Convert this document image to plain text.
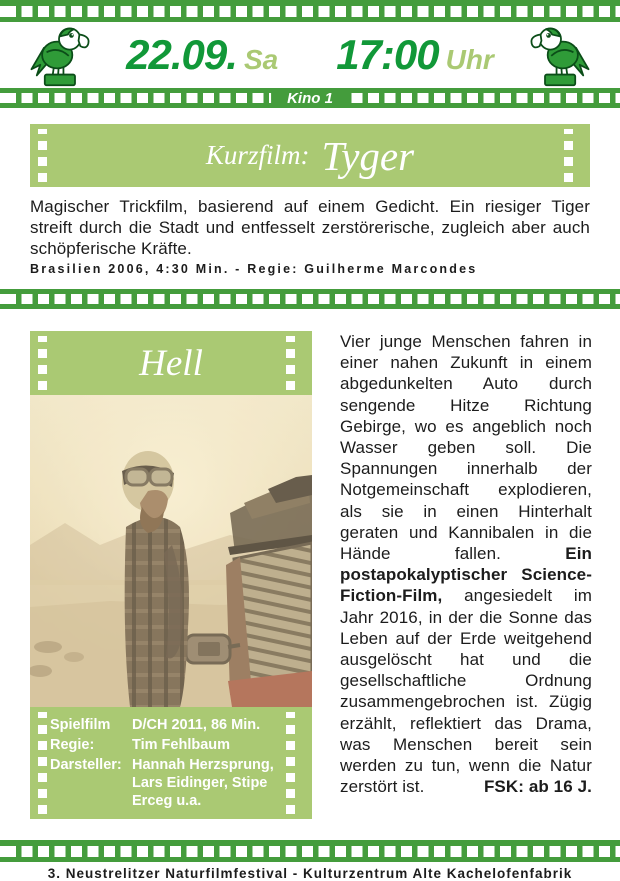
22.09. Sa 17:00 Uhr
Kino 1
Kurzfilm: Tyger

Magischer Trickfilm, basierend auf einem Gedicht. Ein riesiger Tiger streift durch die Stadt und entfesselt zerstörerische, zugleich aber auch schöpferische Kräfte.

Brasilien 2006, 4:30 Min. - Regie: Guilherme Marcondes

Hell
Spielfilm	D/CH 2011, 86 Min.
Regie:	Tim Fehlbaum
Darsteller: Hannah Herzsprung, Lars Eidinger, Stipe Erceg u.a.

Vier junge Menschen fahren in einer nahen Zukunft in einem abgedunkelten Auto durch sengende Hitze Richtung Gebirge, wo es angeblich noch Wasser geben soll. Die Spannungen innerhalb der Notgemeinschaft explodieren, als sie in einen Hinterhalt geraten und Kannibalen in die Hände fallen. Ein postapokalyptischer Science-Fiction-Film, angesiedelt im Jahr 2016, in der die Sonne das Leben auf der Erde weitgehend ausgelöscht hat und die gesellschaftliche Ordnung zusammengebrochen ist. Zügig erzählt, reflektiert das Drama, was Menschen bereit sein werden zu tun, wenn die Natur zerstört ist.	FSK: ab 16 J.

3. Neustrelitzer Naturfilmfestival - Kulturzentrum Alte Kachelofenfabrik
